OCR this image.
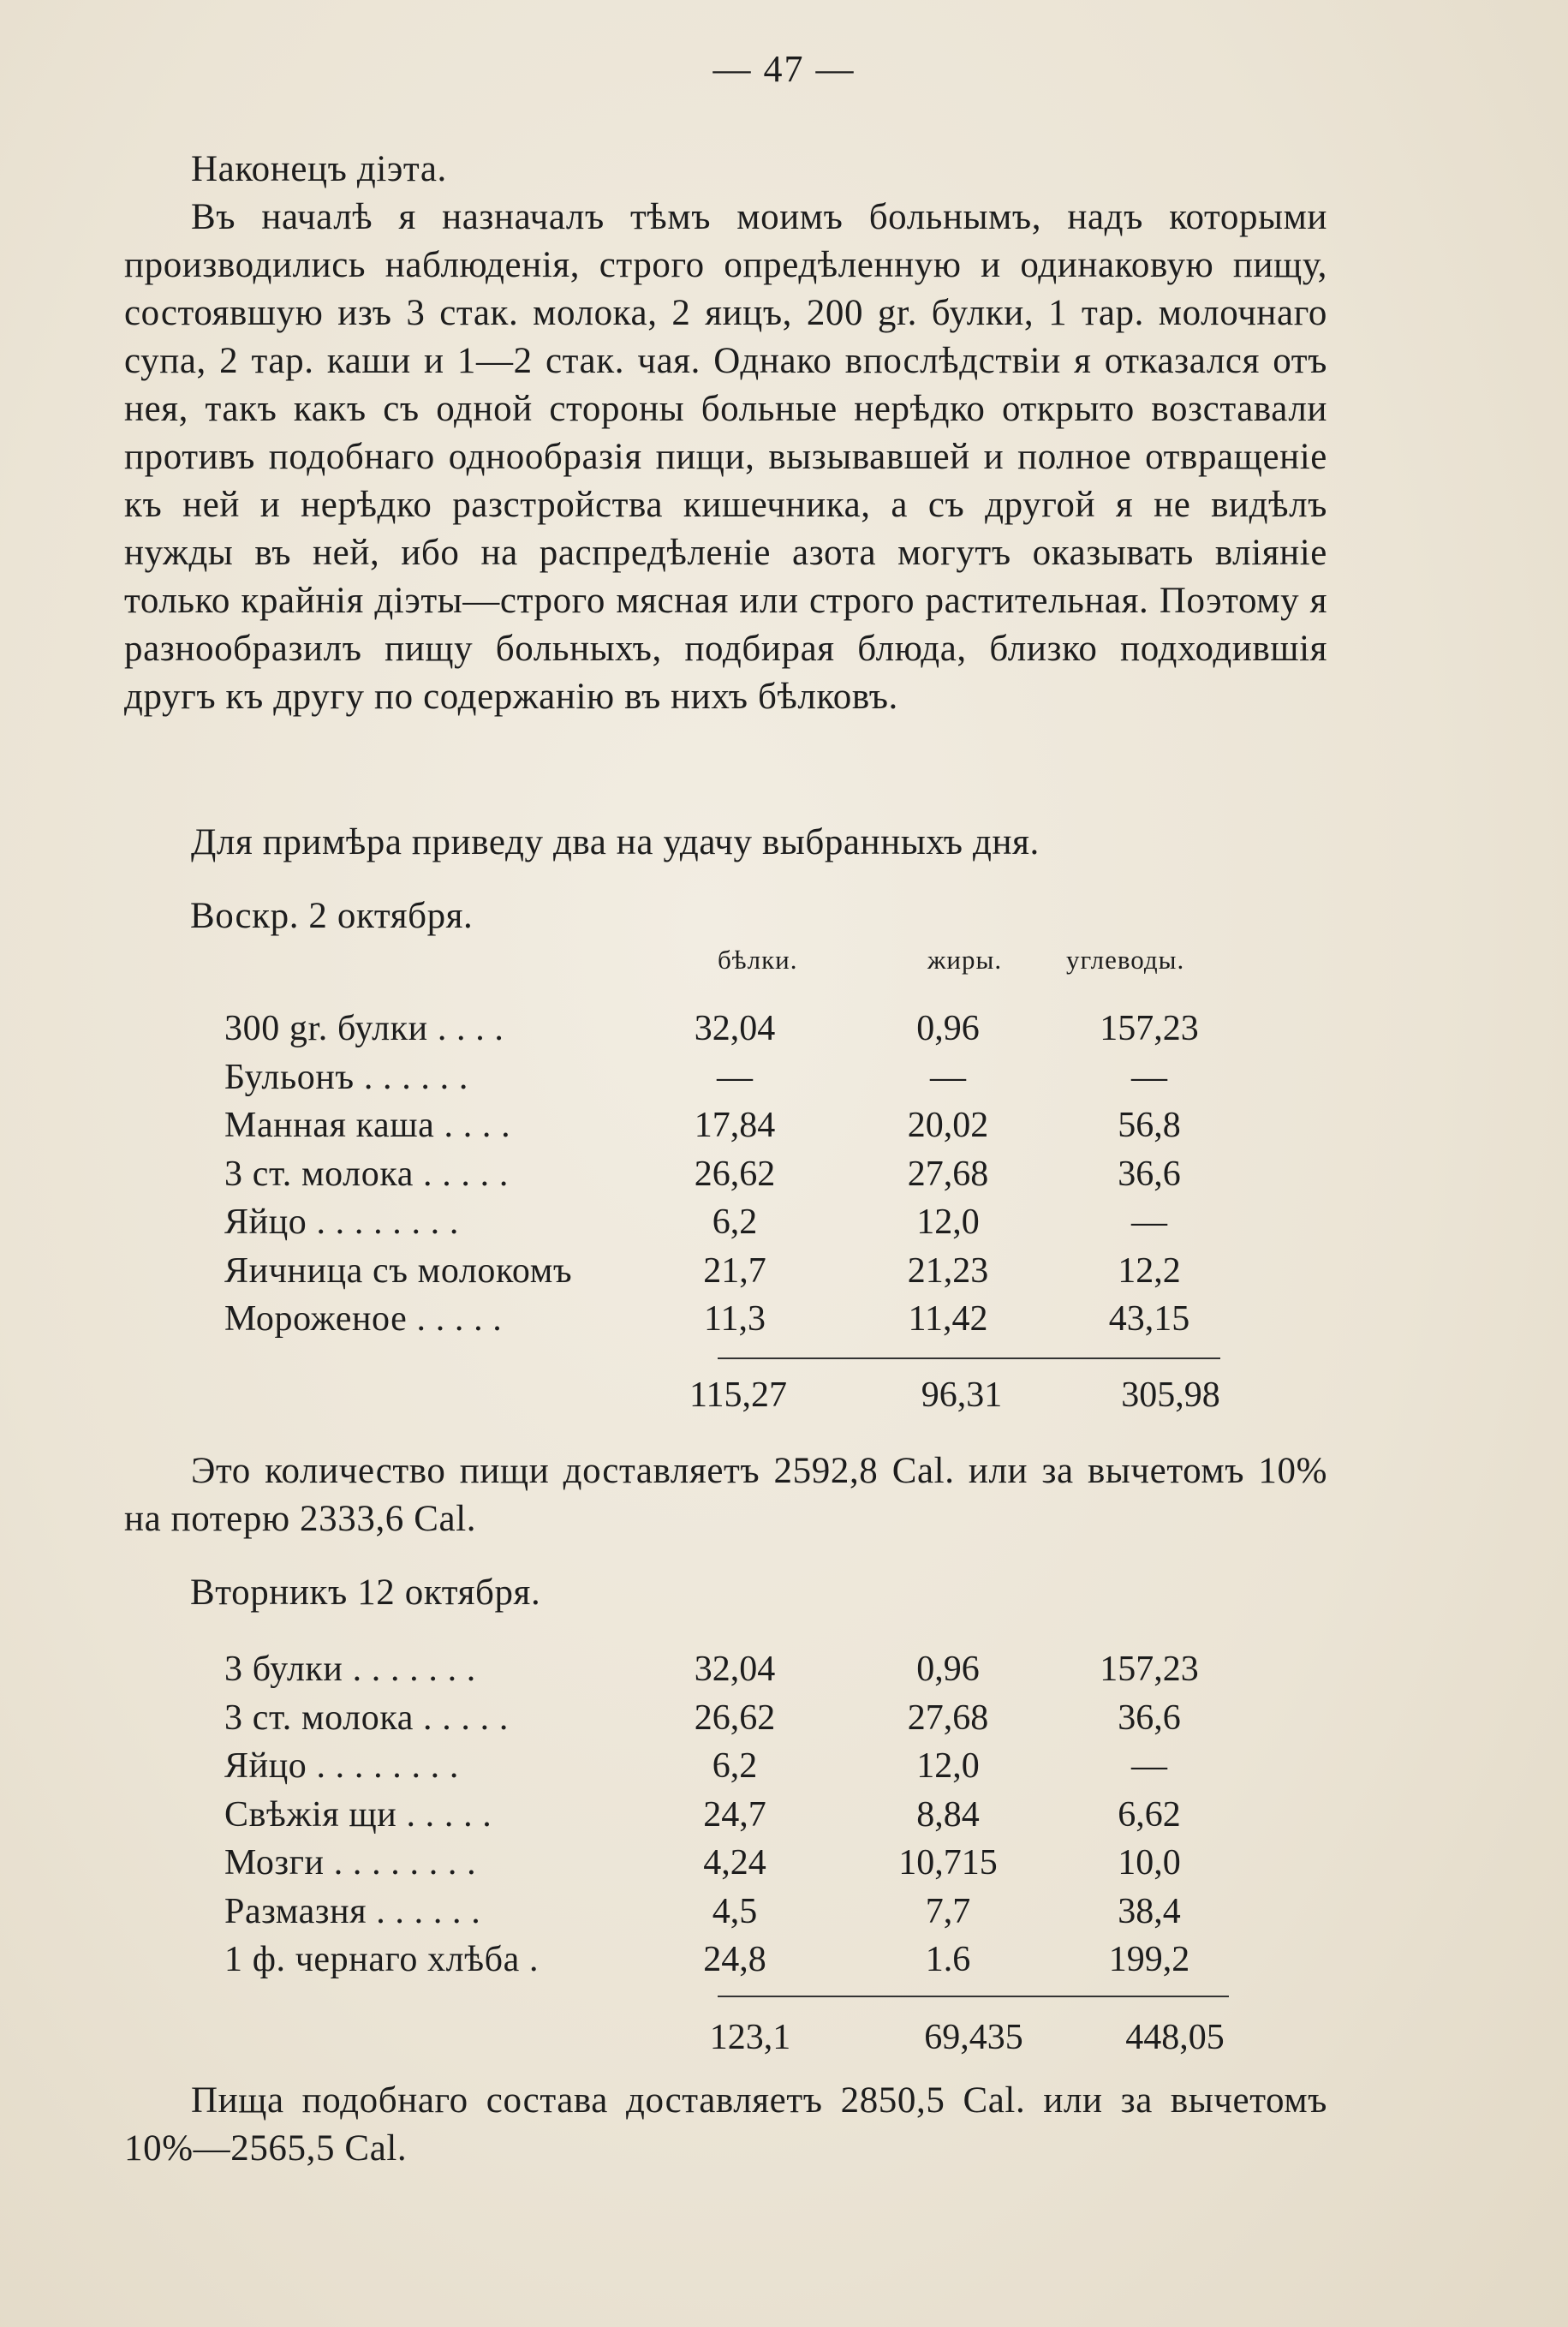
— 47 —
Наконецъ діэта.
Въ началѣ я назначалъ тѣмъ моимъ больнымъ, надъ которыми производились наблюденія, строго опредѣленную и одинаковую пищу, состоявшую изъ 3 стак. молока, 2 яицъ, 200 gr. булки, 1 тар. молочнаго супа, 2 тар. каши и 1—2 стак. чая. Однако впослѣдствіи я отказался отъ нея, такъ какъ съ одной стороны больные нерѣдко открыто возставали противъ подобнаго однообразія пищи, вызывавшей и полное отвращеніе къ ней и нерѣдко разстройства кишечника, а съ другой я не видѣлъ нужды въ ней, ибо на распредѣленіе азота могутъ оказывать вліяніе только крайнія діэты—строго мясная или строго растительная. Поэтому я разнообразилъ пищу больныхъ, подбирая блюда, близко подходившія другъ къ другу по содержанію въ нихъ бѣлковъ.
Для примѣра приведу два на удачу выбранныхъ дня.
Воскр. 2 октября.
бѣлки.	жиры. углеводы.
300 gr. булки . . . .	32,04		0,96		157,23
Бульонъ . . . . . .	—		—		—
Манная каша . . . .	17,84		20,02		56,8
3 ст. молока . . . . .	26,62		27,68		36,6
Яйцо . . . . . . . .	6,2		12,0		—
Яичница съ молокомъ	21,7		21,23		12,2
Мороженое . . . . .	11,3		11,42		43,15
115,27	96,31	305,98
Это количество пищи доставляетъ 2592,8 Cal. или за вычетомъ 10% на потерю 2333,6 Cal.
Вторникъ 12 октября.
3 булки . . . . . . .	32,04		0,96		157,23
3 ст. молока . . . . .	26,62		27,68		36,6
Яйцо . . . . . . . .	6,2		12,0		—
Свѣжія щи . . . . .	24,7		8,84		6,62
Мозги . . . . . . . .	4,24		10,715		10,0
Размазня . . . . . .	4,5		7,7		38,4
1 ф. чернаго хлѣба .	24,8		1.6		199,2
123,1	69,435	448,05
Пища подобнаго состава доставляетъ 2850,5 Cal. или за вычетомъ 10%—2565,5 Cal.
